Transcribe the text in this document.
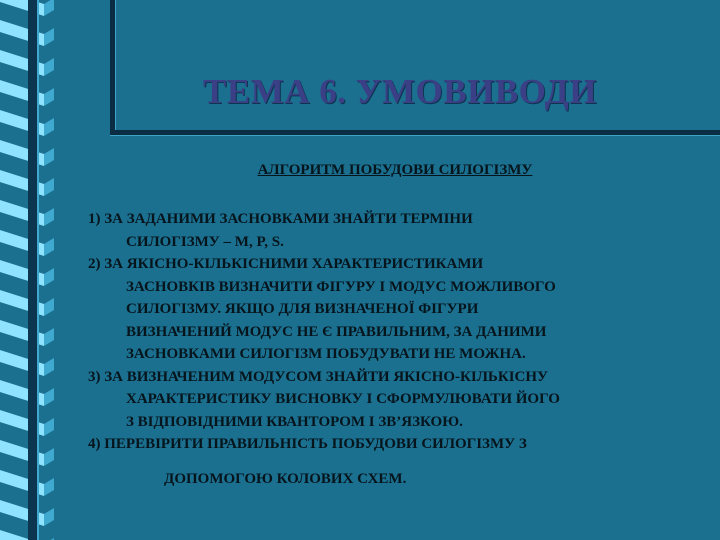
ТЕМА 6. УМОВИВОДИ
АЛГОРИТМ ПОБУДОВИ СИЛОГІЗМУ

1) ЗА ЗАДАНИМИ ЗАСНОВКАМИ ЗНАЙТИ ТЕРМІНИ
СИЛОГІЗМУ – M, P, S.

2) ЗА ЯКІСНО-КІЛЬКІСНИМИ ХАРАКТЕРИСТИКАМИ
ЗАСНОВКІВ ВИЗНАЧИТИ ФІГУРУ І МОДУС МОЖЛИВОГО
СИЛОГІЗМУ. ЯКЩО ДЛЯ ВИЗНАЧЕНОЇ ФІГУРИ
ВИЗНАЧЕНИЙ МОДУС НЕ Є ПРАВИЛЬНИМ, ЗА ДАНИМИ
ЗАСНОВКАМИ СИЛОГІЗМ ПОБУДУВАТИ НЕ МОЖНА.

3) ЗА ВИЗНАЧЕНИМ МОДУСОМ ЗНАЙТИ ЯКІСНО-КІЛЬКІСНУ
ХАРАКТЕРИСТИКУ ВИСНОВКУ І СФОРМУЛЮВАТИ ЙОГО
З ВІДПОВІДНИМИ КВАНТОРОМ І ЗВ’ЯЗКОЮ.

4) ПЕРЕВІРИТИ ПРАВИЛЬНІСТЬ ПОБУДОВИ СИЛОГІЗМУ З
ДОПОМОГОЮ КОЛОВИХ СХЕМ.
